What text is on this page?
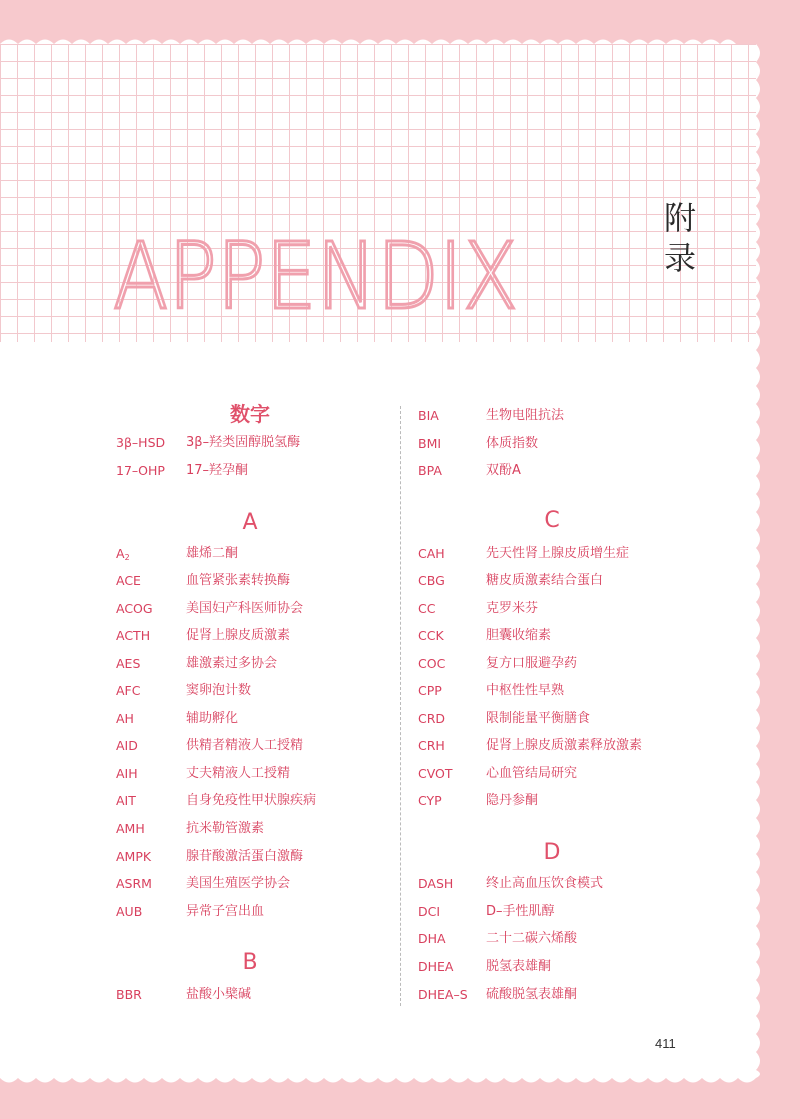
APPENDIX
附
录
数字
3β–HSD 3β–羟类固醇脱氢酶
17–OHP 17–羟孕酮
A
$A_2$	雄烯二酮
ACE	血管紧张素转换酶
ACOG	美国妇产科医师协会
ACTH	促肾上腺皮质激素
AES	雄激素过多协会
AFC	窦卵泡计数
AH	辅助孵化
AID	供精者精液人工授精
AIH	丈夫精液人工授精
AIT	自身免疫性甲状腺疾病
AMH	抗米勒管激素
AMPK	腺苷酸激活蛋白激酶
ASRM	美国生殖医学协会
AUB	异常子宫出血
B
BBR	盐酸小檗碱
BIA	生物电阻抗法
BMI	体质指数
BPA	双酚A
C
CAH	先天性肾上腺皮质增生症
CBG	糖皮质激素结合蛋白
CC	克罗米芬
CCK	胆囊收缩素
COC	复方口服避孕药
CPP	中枢性性早熟
CRD	限制能量平衡膳食
CRH	促肾上腺皮质激素释放激素
CVOT	心血管结局研究
CYP	隐丹参酮
D
DASH	终止高血压饮食模式
DCI	D–手性肌醇
DHA	二十二碳六烯酸
DHEA	脱氢表雄酮
DHEA–S 硫酸脱氢表雄酮
411
